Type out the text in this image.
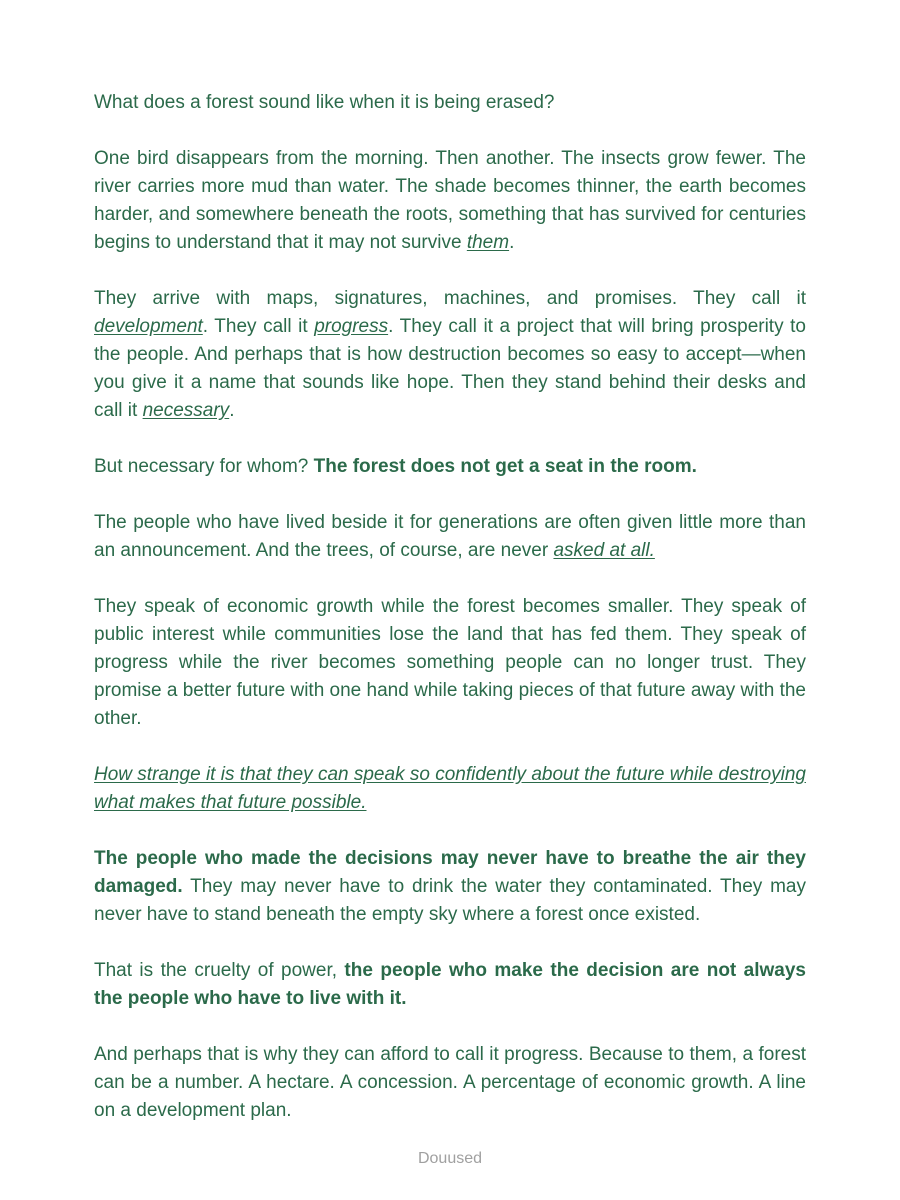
What does a forest sound like when it is being erased?

One bird disappears from the morning. Then another. The insects grow fewer. The river carries more mud than water. The shade becomes thinner, the earth becomes harder, and somewhere beneath the roots, something that has survived for centuries begins to understand that it may not survive them.

They arrive with maps, signatures, machines, and promises. They call it development. They call it progress. They call it a project that will bring prosperity to the people. And perhaps that is how destruction becomes so easy to accept—when you give it a name that sounds like hope. Then they stand behind their desks and call it necessary.

But necessary for whom? The forest does not get a seat in the room.

The people who have lived beside it for generations are often given little more than an announcement. And the trees, of course, are never asked at all.

They speak of economic growth while the forest becomes smaller. They speak of public interest while communities lose the land that has fed them. They speak of progress while the river becomes something people can no longer trust. They promise a better future with one hand while taking pieces of that future away with the other.

How strange it is that they can speak so confidently about the future while destroying what makes that future possible.

The people who made the decisions may never have to breathe the air they damaged. They may never have to drink the water they contaminated. They may never have to stand beneath the empty sky where a forest once existed.

That is the cruelty of power, the people who make the decision are not always the people who have to live with it.

And perhaps that is why they can afford to call it progress. Because to them, a forest can be a number. A hectare. A concession. A percentage of economic growth. A line on a development plan.

Douused
